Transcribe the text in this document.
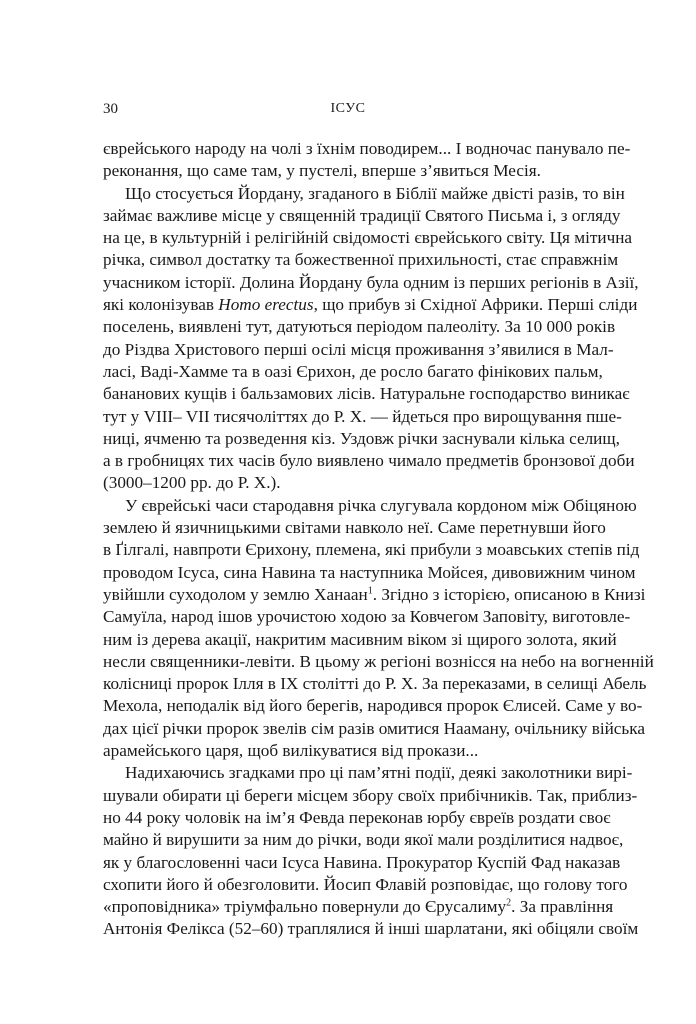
30	ІСУС
єврейського народу на чолі з їхнім поводирем... І водночас панувало пе-
реконання, що саме там, у пустелі, вперше з’явиться Месія.
Що стосується Йордану, згаданого в Біблії майже двісті разів, то він
займає важливе місце у священній традиції Святого Письма і, з огляду
на це, в культурній і релігійній свідомості єврейського світу. Ця мітична
річка, символ достатку та божественної прихильності, стає справжнім
учасником історії. Долина Йордану була одним із перших регіонів в Азії,
які колонізував Homo erectus, що прибув зі Східної Африки. Перші сліди
поселень, виявлені тут, датуються періодом палеоліту. За 10 000 років
до Різдва Христового перші осілі місця проживання з’явилися в Мал-
ласі, Ваді-Хамме та в оазі Єрихон, де росло багато фінікових пальм,
бананових кущів і бальзамових лісів. Натуральне господарство виникає
тут у VIII– VII тисячоліттях до Р. Х. — йдеться про вирощування пше-
ниці, ячменю та розведення кіз. Уздовж річки заснували кілька селищ,
а в гробницях тих часів було виявлено чимало предметів бронзової доби
(3000–1200 рр. до Р. Х.).
У єврейські часи стародавня річка слугувала кордоном між Обіцяною
землею й язичницькими світами навколо неї. Саме перетнувши його
в Ґілгалі, навпроти Єрихону, племена, які прибули з моавських степів під
проводом Ісуса, сина Навина та наступника Мойсея, дивовижним чином
увійшли суходолом у землю Ханаан$^1$. Згідно з історією, описаною в Книзі
Самуїла, народ ішов урочистою ходою за Ковчегом Заповіту, виготовле-
ним із дерева акації, накритим масивним віком зі щирого золота, який
несли священники-левіти. В цьому ж регіоні вознісся на небо на вогненній
колісниці пророк Ілля в IX столітті до Р. Х. За переказами, в селищі Абель
Мехола, неподалік від його берегів, народився пророк Єлисей. Саме у во-
дах цієї річки пророк звелів сім разів омитися Нааману, очільнику війська
арамейського царя, щоб вилікуватися від прокази...
Надихаючись згадками про ці пам’ятні події, деякі заколотники вирі-
шували обирати ці береги місцем збору своїх прибічників. Так, приблиз-
но 44 року чоловік на ім’я Февда переконав юрбу євреїв роздати своє
майно й вирушити за ним до річки, води якої мали розділитися надвоє,
як у благословенні часи Ісуса Навина. Прокуратор Куспій Фад наказав
схопити його й обезголовити. Йосип Флавій розповідає, що голову того
«проповідника» тріумфально повернули до Єрусалиму$^2$. За правління
Антонія Фелікса (52–60) траплялися й інші шарлатани, які обіцяли своїм
